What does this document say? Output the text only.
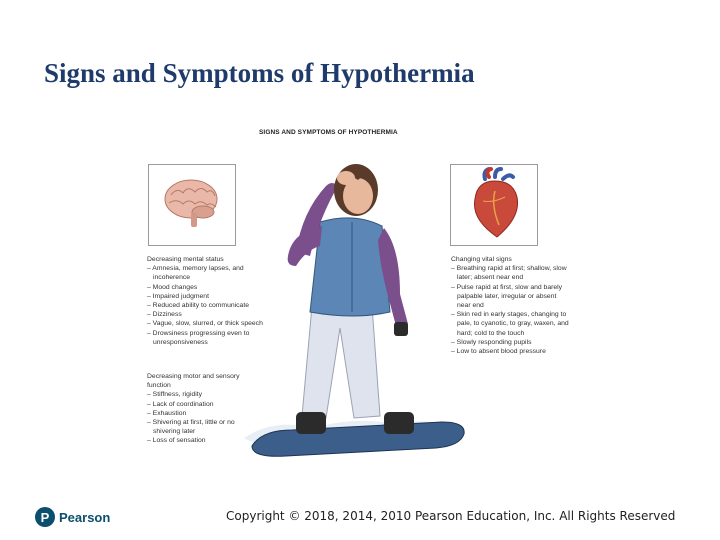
Signs and Symptoms of Hypothermia
SIGNS AND SYMPTOMS OF HYPOTHERMIA
Decreasing mental status
– Amnesia, memory lapses, and incoherence
– Mood changes
– Impaired judgment
– Reduced ability to communicate
– Dizziness
– Vague, slow, slurred, or thick speech
– Drowsiness progressing even to unresponsiveness
Decreasing motor and sensory function
– Stiffness, rigidity
– Lack of coordination
– Exhaustion
– Shivering at first, little or no shivering later
– Loss of sensation
Changing vital signs
– Breathing rapid at first; shallow, slow later; absent near end
– Pulse rapid at first, slow and barely palpable later, irregular or absent near end
– Skin red in early stages, changing to pale, to cyanotic, to gray, waxen, and hard; cold to the touch
– Slowly responding pupils
– Low to absent blood pressure
P Pearson	Copyright © 2018, 2014, 2010 Pearson Education, Inc. All Rights Reserved
